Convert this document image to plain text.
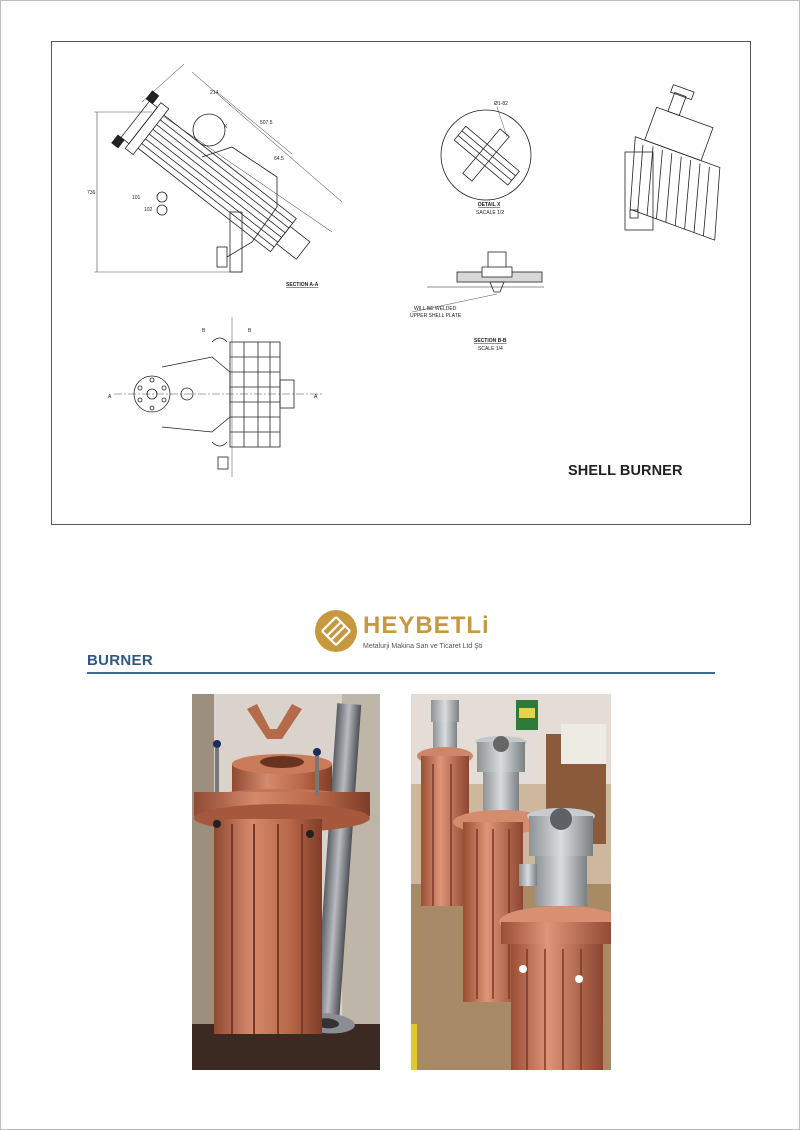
214
507.5
64.5
736
101
102
X
SECTION A-A
B	B
A	A
Ø1-82
DETAIL X
SACALE 1/2
WILL BE WELDED
UPPER SHELL PLATE
SECTION B-B
SCALE 1/4
SHELL BURNER
HEYBETLi
Metalurji Makina San ve Ticaret Ltd Şti
BURNER
